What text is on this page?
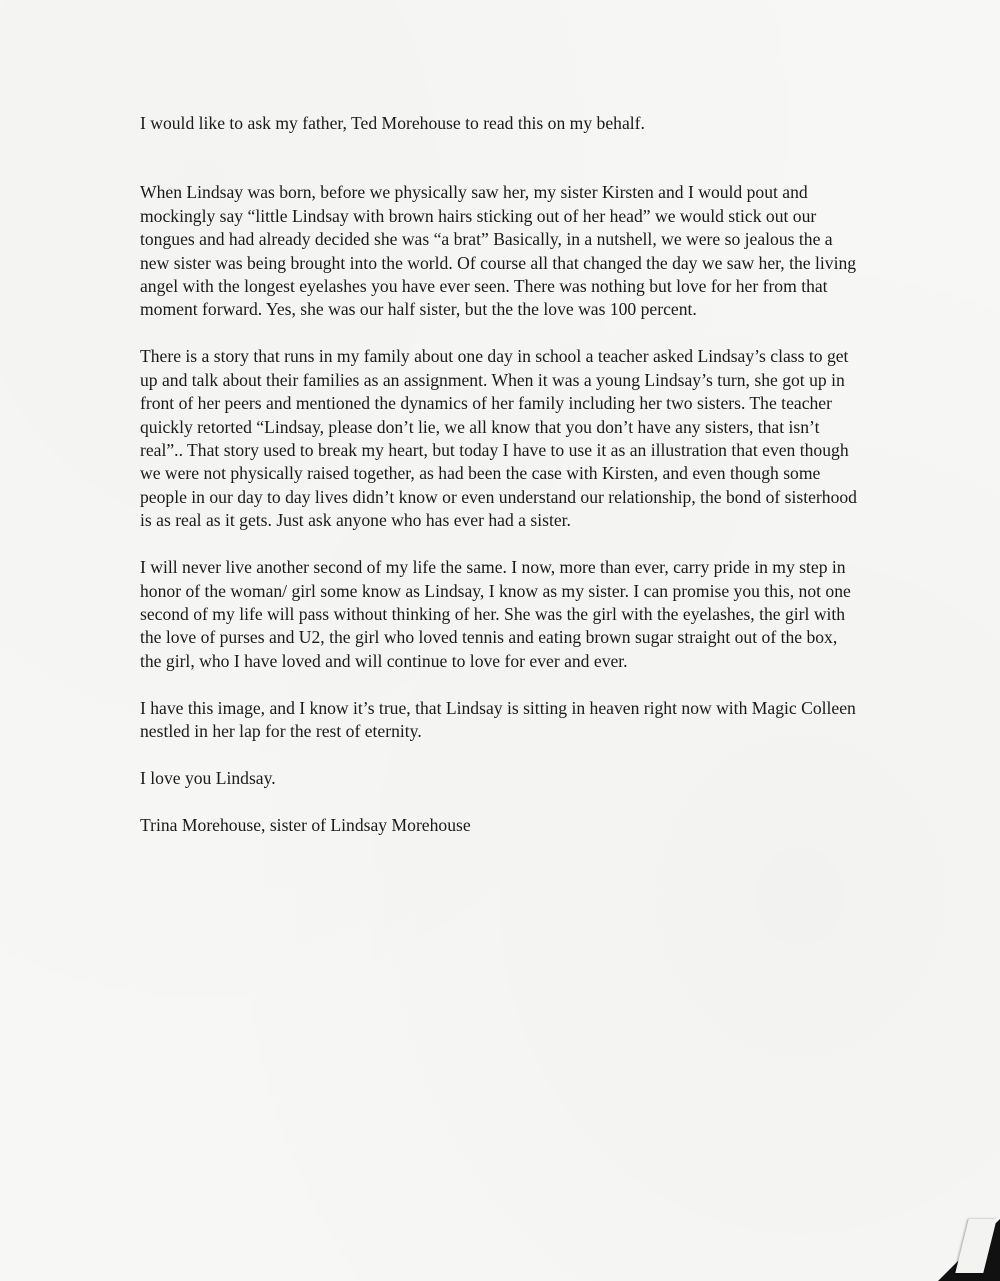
I would like to ask my father, Ted Morehouse to read this on my behalf.

When Lindsay was born, before we physically saw her, my sister Kirsten and I would pout and mockingly say “little Lindsay with brown hairs sticking out of her head” we would stick out our tongues and had already decided she was “a brat” Basically, in a nutshell, we were so jealous the a new sister was being brought into the world. Of course all that changed the day we saw her, the living angel with the longest eyelashes you have ever seen. There was nothing but love for her from that moment forward. Yes, she was our half sister, but the the love was 100 percent.

There is a story that runs in my family about one day in school a teacher asked Lindsay’s class to get up and talk about their families as an assignment. When it was a young Lindsay’s turn, she got up in front of her peers and mentioned the dynamics of her family including her two sisters. The teacher quickly retorted “Lindsay, please don’t lie, we all know that you don’t have any sisters, that isn’t real”.. That story used to break my heart, but today I have to use it as an illustration that even though we were not physically raised together, as had been the case with Kirsten, and even though some people in our day to day lives didn’t know or even understand our relationship, the bond of sisterhood is as real as it gets. Just ask anyone who has ever had a sister.

I will never live another second of my life the same. I now, more than ever, carry pride in my step in honor of the woman/ girl some know as Lindsay, I know as my sister. I can promise you this, not one second of my life will pass without thinking of her. She was the girl with the eyelashes, the girl with the love of purses and U2, the girl who loved tennis and eating brown sugar straight out of the box, the girl, who I have loved and will continue to love for ever and ever.

I have this image, and I know it’s true, that Lindsay is sitting in heaven right now with Magic Colleen nestled in her lap for the rest of eternity.

I love you Lindsay.

Trina Morehouse, sister of Lindsay Morehouse
